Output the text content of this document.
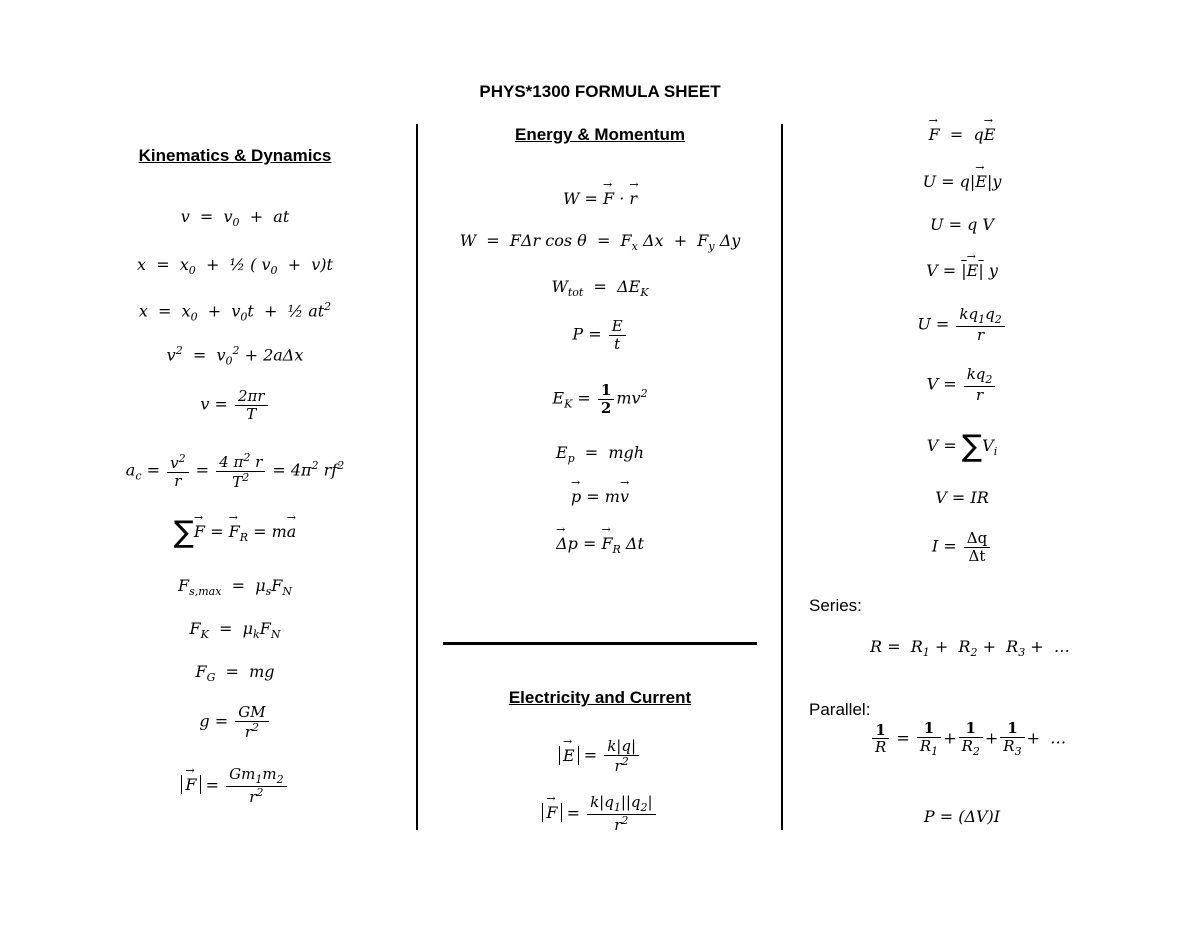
PHYS*1300 FORMULA SHEET
Kinematics & Dynamics
$v = v_0$  +  at
$x = x_0$  +  ½ ( $v_0 + v)t$
$x = x_0 + v_0t$  +  ½ $at^2$
$v^2 = v_0^2 + 2a\Delta x$
$v = \frac{2\pi r}{T}$
$a_c = \frac{v^2}{r} = \frac{4 \pi^2 r}{T^2} = 4\pi^2$ $rf^2$
∑→ F = → $F_R = m\to a$
$F_{s,max} = \mu_sF_N$
$F_K = \mu_kF_N$
$F_G$  =  mg
$g = \frac{GM}{r^2}$
→ $F = \frac{Gm_1m_2}{r^2}$
Energy & Momentum
W = → F · → r
W  =  FΔr $\cos \theta = F_x$ $\Delta x + F_y$ Δy
$W_{tot} = \Delta E_K$
$P = \frac{E}{t}$
$E_K = \frac{1}{2} mv^2$
$E_p$  =  mgh
→ p = m→ v
→ Δp = → $F_R$ Δt
Electricity and Current
→ $E = \frac{k|q|}{r^2}$
→ $F = \frac{k|q_1||q_2|}{r^2}$
→ F  =  q→ E
U = q|→ E|y
U = q V
V = |→ E| y
$U = \frac{kq_1q_2}{r}$
$V = \frac{kq_2}{r}$
$V = \sum V_i$
V = IR
$I = \frac{\Delta q}{\Delta t}$
Series:
$R = R_1 + R_2 + R_3$ +  …
Parallel:
$\frac{1}{R} = \frac{1}{R_1} + \frac{1}{R_2} + \frac{1}{R_3}$ +  …
P = (ΔV)I
